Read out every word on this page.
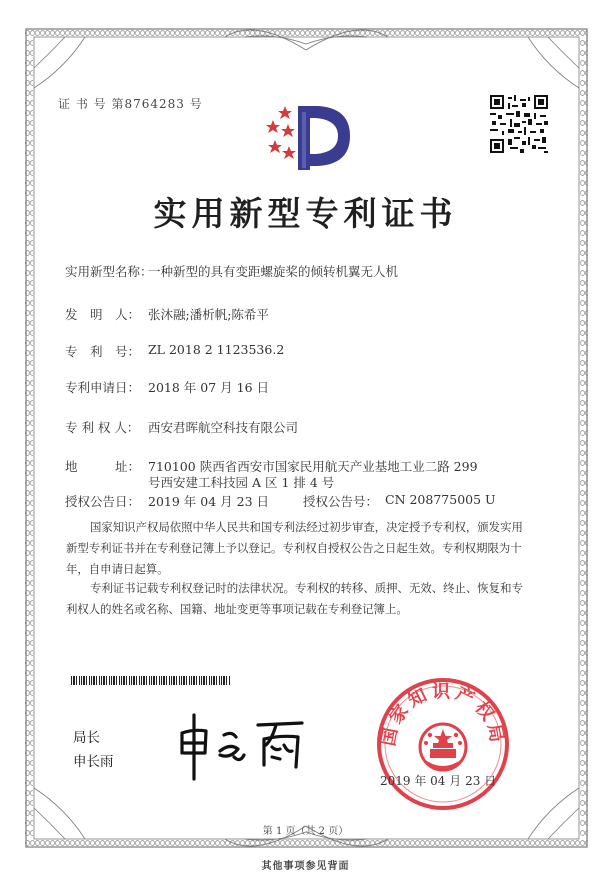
证 书 号 第8764283 号
实用新型专利证书
实用新型名称：
一种新型的具有变距螺旋桨的倾转机翼无人机
发　明　人： 张沐融;潘析帆;陈希平
专　利　号： ZL 2018 2 1123536.2
专利申请日： 2018 年 07 月 16 日
专 利 权 人： 西安君晖航空科技有限公司
地　　　址： 710100 陕西省西安市国家民用航天产业基地工业二路 299
号西安建工科技园 A 区 1 排 4 号
授权公告日： 2019 年 04 月 23 日	授权公告号： CN 208775005 U
国家知识产权局依照中华人民共和国专利法经过初步审查，决定授予专利权，颁发实用
新型专利证书并在专利登记簿上予以登记。专利权自授权公告之日起生效。专利权期限为十
年，自申请日起算。
专利证书记载专利权登记时的法律状况。专利权的转移、质押、无效、终止、恢复和专
利权人的姓名或名称、国籍、地址变更等事项记载在专利登记簿上。
局长
申长雨
国家知识产权局
2019 年 04 月 23 日
第 1 页（共 2 页）
其他事项参见背面
